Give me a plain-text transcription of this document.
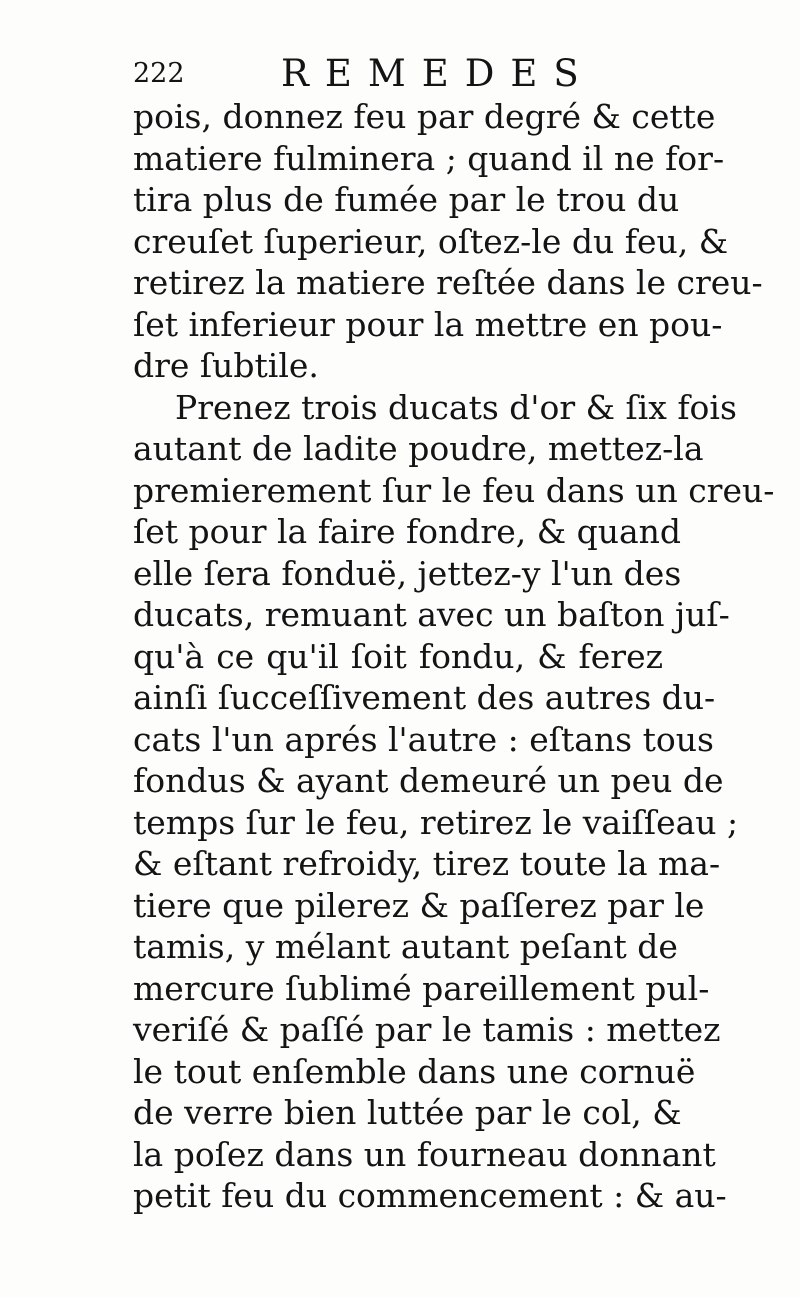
222	REMEDES
pois, donnez feu par degré & cette
matiere fulminera ; quand il ne for-
tira plus de fumée par le trou du
creuſet ſuperieur, oſtez-le du feu, &
retirez la matiere reſtée dans le creu-
ſet inferieur pour la mettre en pou-
dre ſubtile.
Prenez trois ducats d'or & ſix fois
autant de ladite poudre, mettez-la
premierement ſur le feu dans un creu-
ſet pour la faire fondre, & quand
elle ſera fonduë, jettez-y l'un des
ducats, remuant avec un baſton juſ-
qu'à ce qu'il ſoit fondu, & ferez
ainſi ſucceſſivement des autres du-
cats l'un aprés l'autre : eſtans tous
fondus & ayant demeuré un peu de
temps ſur le feu, retirez le vaiſſeau ;
& eſtant refroidy, tirez toute la ma-
tiere que pilerez & paſſerez par le
tamis, y mélant autant peſant de
mercure ſublimé pareillement pul-
veriſé & paſſé par le tamis : mettez
le tout enſemble dans une cornuë
de verre bien luttée par le col, &
la poſez dans un fourneau donnant
petit feu du commencement : & au-
